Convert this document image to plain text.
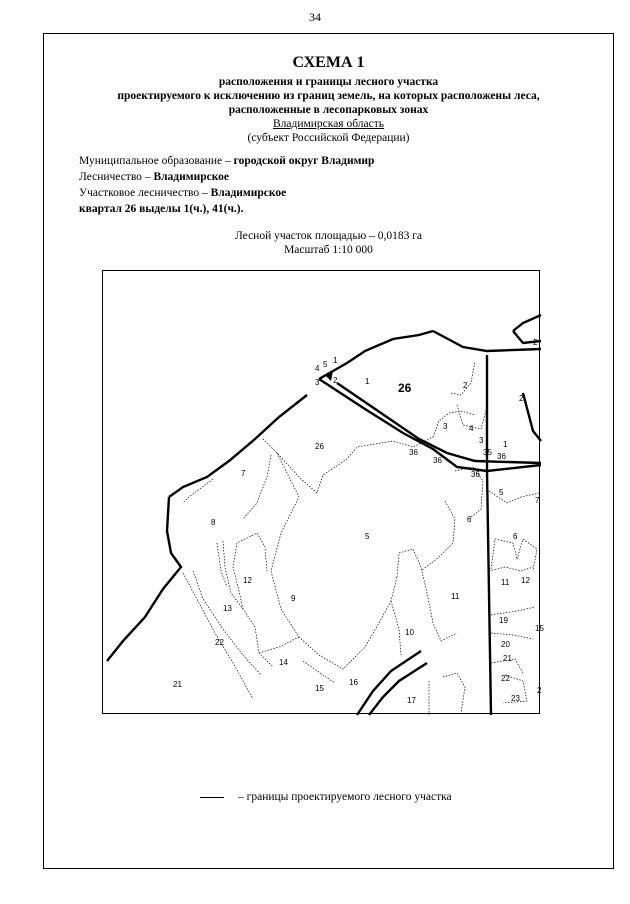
34
СХЕМА 1
расположения и границы лесного участка
проектируемого к исключению из границ земель, на которых расположены леса,
расположенные в лесопарковых зонах
Владимирская область
(субъект Российской Федерации)
Муниципальное образование – городской округ Владимир
Лесничество – Владимирское
Участковое лесничество – Владимирское
квартал 26 выделы 1(ч.), 41(ч.).
Лесной участок площадью – 0,0183 га
Масштаб 1:10 000
26
1	2
3	4
5
6
7
8
9
10
11
12
13
14
15
16
17
21
22
26
36
36
36
3
4 5 1
2
2
1
2
3
5
6
7
11 12
19
20
21
22
23
2
15
35 36
– границы проектируемого лесного участка
